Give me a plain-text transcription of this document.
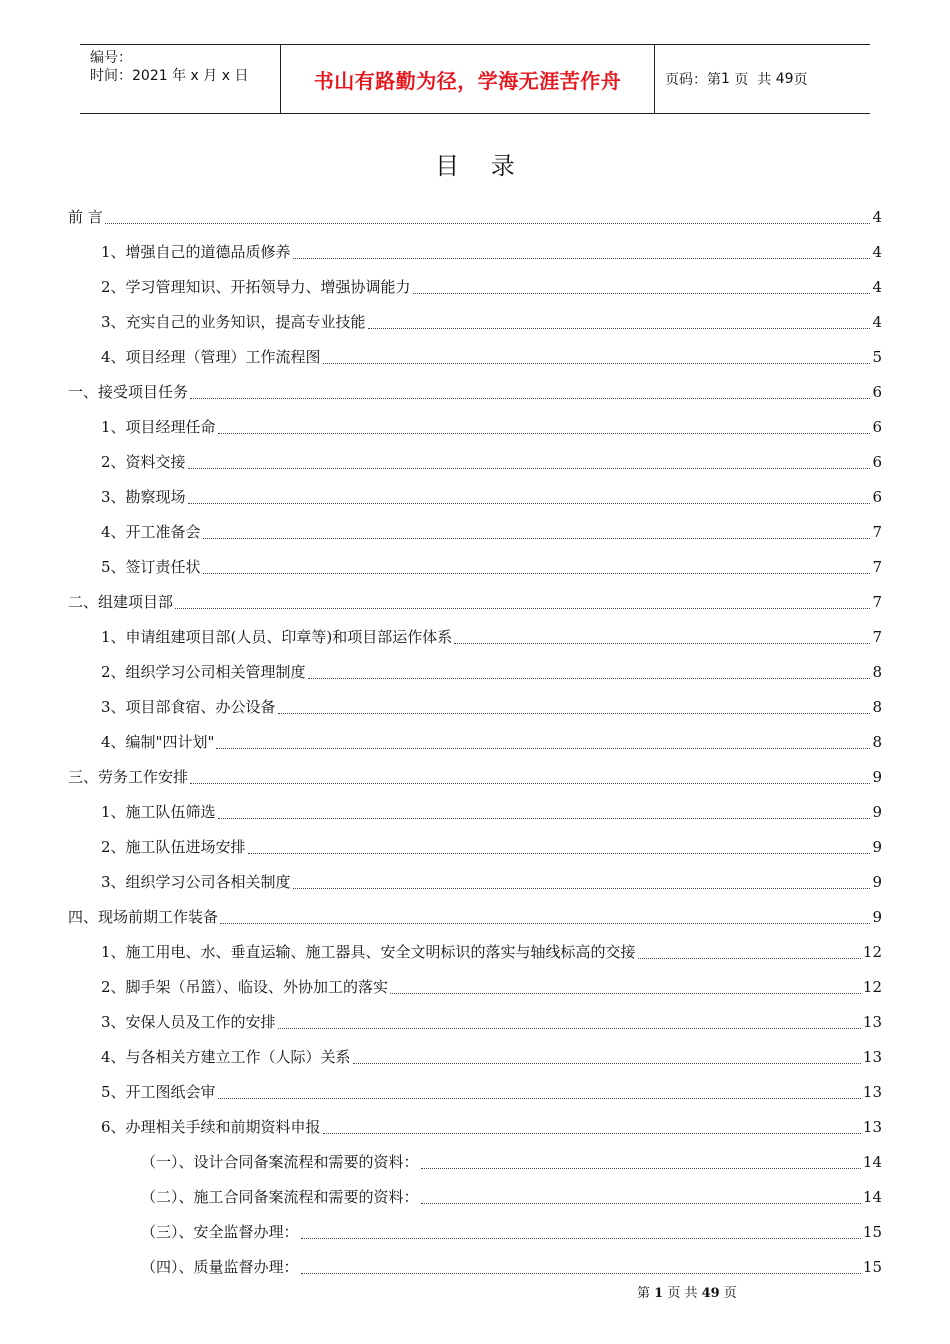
编号：
时间：2021 年 x 月 x 日	书山有路勤为径，学海无涯苦作舟	页码：第 1
页  共
49 页
目 录
前 言	4
1、增强自己的道德品质修养	4
2、学习管理知识、开拓领导力、增强协调能力	4
3、充实自己的业务知识，提高专业技能	4
4、项目经理（管理）工作流程图	5
一、接受项目任务	6
1、项目经理任命	6
2、资料交接	6
3、勘察现场	6
4、开工准备会	7
5、签订责任状	7
二、组建项目部	7
1、申请组建项目部(人员、印章等)和项目部运作体系	7
2、组织学习公司相关管理制度	8
3、项目部食宿、办公设备	8
4、编制"四计划"	8
三、劳务工作安排	9
1、施工队伍筛选	9
2、施工队伍进场安排	9
3、组织学习公司各相关制度	9
四、现场前期工作装备	9
1、施工用电、水、垂直运输、施工器具、安全文明标识的落实与轴线标高的交接	12
2、脚手架（吊篮）、临设、外协加工的落实	12
3、安保人员及工作的安排	13
4、与各相关方建立工作（人际）关系	13
5、开工图纸会审	13
6、办理相关手续和前期资料申报	13
（一）、设计合同备案流程和需要的资料：	14
（二）、施工合同备案流程和需要的资料：	14
（三）、安全监督办理：	15
（四）、质量监督办理：	15
第 1 页 共 49 页
